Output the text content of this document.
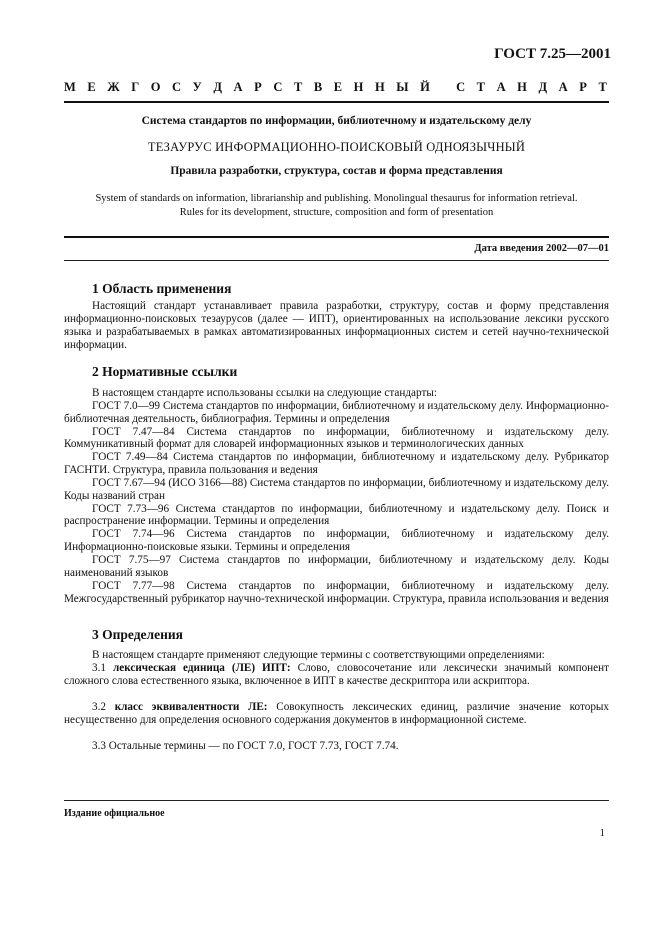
ГОСТ 7.25—2001
М Е Ж Г О С У Д А Р С Т В Е Н Н Ы Й
С Т А Н Д А Р Т
Система стандартов по информации, библиотечному и издательскому делу
ТЕЗАУРУС ИНФОРМАЦИОННО-ПОИСКОВЫЙ ОДНОЯЗЫЧНЫЙ
Правила разработки, структура, состав и форма представления
System of standards on information, librarianship and publishing. Monolingual thesaurus for information retrieval.
Rules for its development, structure, composition and form of presentation
Дата введения 2002—07—01
1 Область применения
Настоящий стандарт устанавливает правила разработки, структуру, состав и форму представления информационно-поисковых тезаурусов (далее — ИПТ), ориентированных на использование лексики русского языка и разрабатываемых в рамках автоматизированных информационных систем и сетей научно-технической информации.
2 Нормативные ссылки

В настоящем стандарте использованы ссылки на следующие стандарты:

ГОСТ 7.0—99 Система стандартов по информации, библиотечному и издательскому делу. Информационно-библиотечная деятельность, библиография. Термины и определения

ГОСТ 7.47—84 Система стандартов по информации, библиотечному и издательскому делу. Коммуникативный формат для словарей информационных языков и терминологических данных

ГОСТ 7.49—84 Система стандартов по информации, библиотечному и издательскому делу. Рубрикатор ГАСНТИ. Структура, правила пользования и ведения

ГОСТ 7.67—94 (ИСО 3166—88) Система стандартов по информации, библиотечному и издательскому делу. Коды названий стран

ГОСТ 7.73—96 Система стандартов по информации, библиотечному и издательскому делу. Поиск и распространение информации. Термины и определения

ГОСТ 7.74—96 Система стандартов по информации, библиотечному и издательскому делу. Информационно-поисковые языки. Термины и определения

ГОСТ 7.75—97 Система стандартов по информации, библиотечному и издательскому делу. Коды наименований языков

ГОСТ 7.77—98 Система стандартов по информации, библиотечному и издательскому делу. Межгосударственный рубрикатор научно-технической информации. Структура, правила использования и ведения

3 Определения
В настоящем стандарте применяют следующие термины с соответствующими определениями:
3.1 лексическая единица (ЛЕ) ИПТ: Слово, словосочетание или лексически значимый компонент сложного слова естественного языка, включенное в ИПТ в качестве дескриптора или аскриптора.
3.2 класс эквивалентности ЛЕ: Совокупность лексических единиц, различие значение которых несущественно для определения основного содержания документов в информационной системе.
3.3 Остальные термины — по ГОСТ 7.0, ГОСТ 7.73, ГОСТ 7.74.
Издание официальное
1
